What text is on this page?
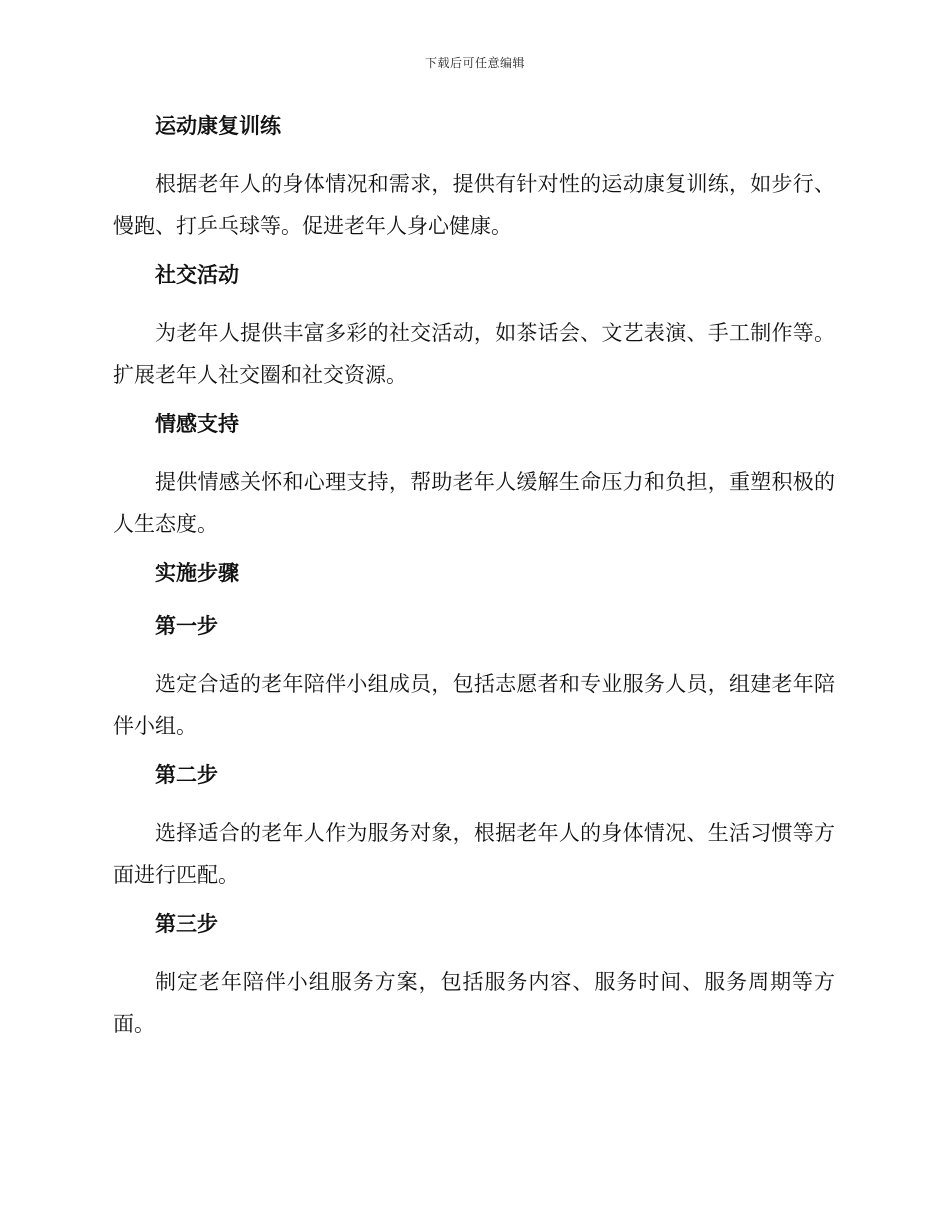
下载后可任意编辑
运动康复训练

根据老年人的身体情况和需求，提供有针对性的运动康复训练，如步行、慢跑、打乒乓球等。促进老年人身心健康。

社交活动

为老年人提供丰富多彩的社交活动，如茶话会、文艺表演、手工制作等。扩展老年人社交圈和社交资源。

情感支持

提供情感关怀和心理支持，帮助老年人缓解生命压力和负担，重塑积极的人生态度。

实施步骤
第一步

选定合适的老年陪伴小组成员，包括志愿者和专业服务人员，组建老年陪伴小组。

第二步

选择适合的老年人作为服务对象，根据老年人的身体情况、生活习惯等方面进行匹配。

第三步

制定老年陪伴小组服务方案，包括服务内容、服务时间、服务周期等方面。
